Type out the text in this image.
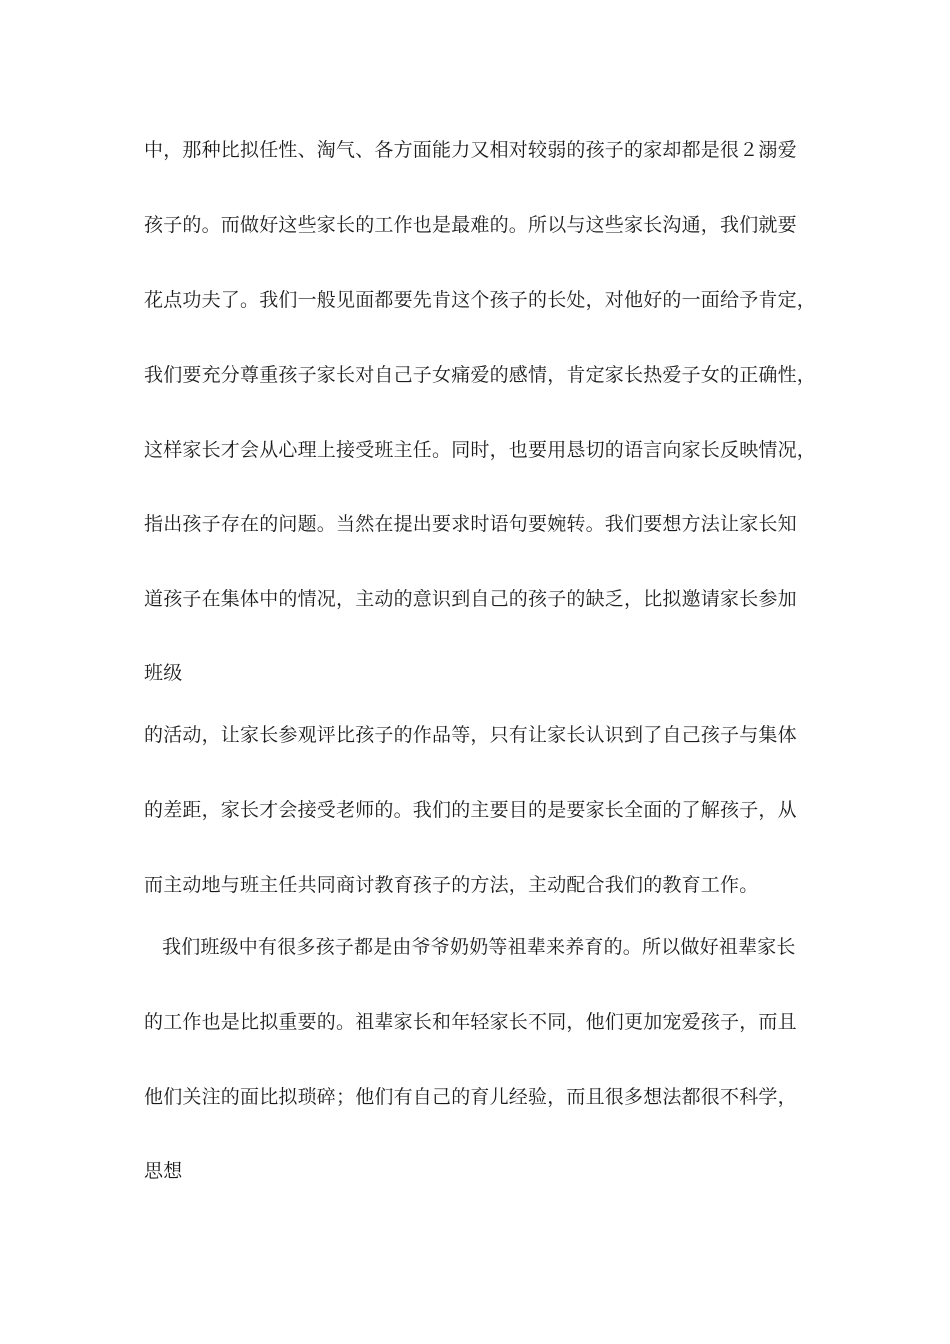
中，那种比拟任性、淘气、各方面能力又相对较弱的孩子的家却都是很２溺爱
孩子的。而做好这些家长的工作也是最难的。所以与这些家长沟通，我们就要
花点功夫了。我们一般见面都要先肯这个孩子的长处，对他好的一面给予肯定，
我们要充分尊重孩子家长对自己子女痛爱的感情，肯定家长热爱子女的正确性，
这样家长才会从心理上接受班主任。同时，也要用恳切的语言向家长反映情况，
指出孩子存在的问题。当然在提出要求时语句要婉转。我们要想方法让家长知
道孩子在集体中的情况，主动的意识到自己的孩子的缺乏，比拟邀请家长参加
班级
的活动，让家长参观评比孩子的作品等，只有让家长认识到了自己孩子与集体
的差距，家长才会接受老师的。我们的主要目的是要家长全面的了解孩子，从
而主动地与班主任共同商讨教育孩子的方法，主动配合我们的教育工作。
我们班级中有很多孩子都是由爷爷奶奶等祖辈来养育的。所以做好祖辈家长
的工作也是比拟重要的。祖辈家长和年轻家长不同，他们更加宠爱孩子，而且
他们关注的面比拟琐碎；他们有自己的育儿经验，而且很多想法都很不科学，
思想
